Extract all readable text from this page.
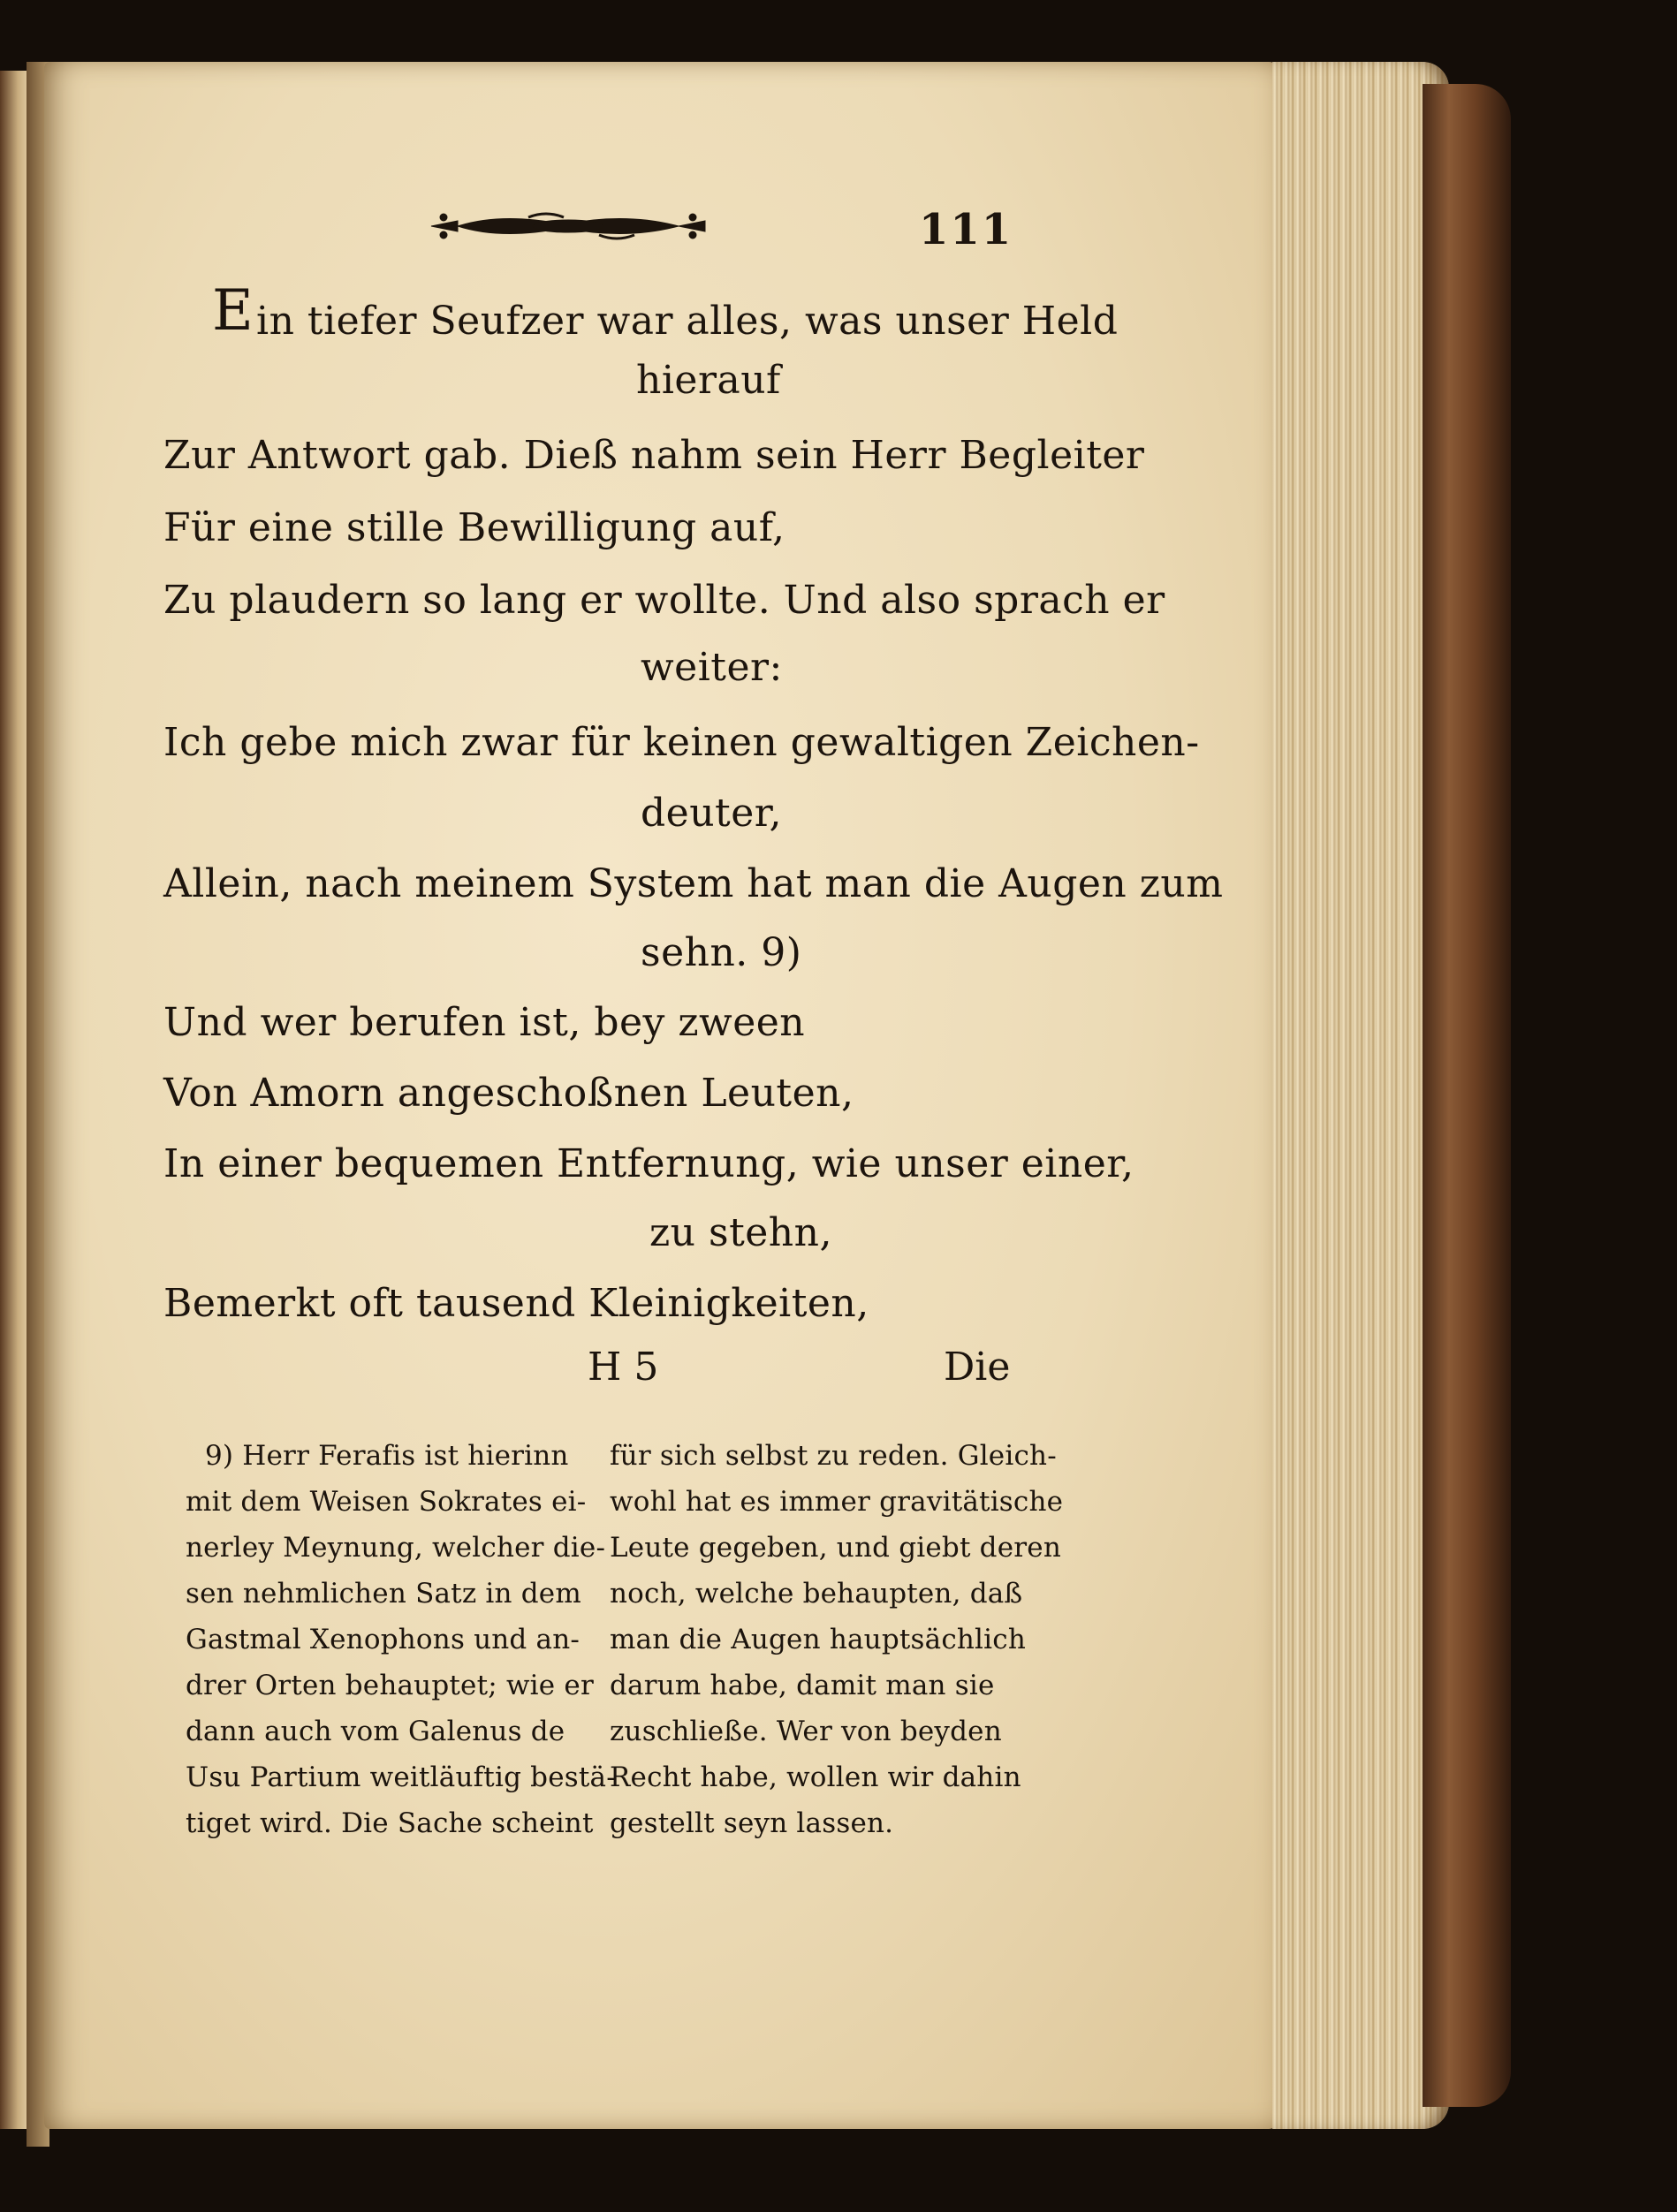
111
E in tiefer Seufzer war alles, was unser Held
hierauf
Zur Antwort gab. Dieß nahm sein Herr Begleiter
Für eine stille Bewilligung auf,
Zu plaudern so lang er wollte. Und also sprach er
weiter:
Ich gebe mich zwar für keinen gewaltigen Zeichen-
deuter,
Allein, nach meinem System hat man die Augen zum
sehn. 9)
Und wer berufen ist, bey zween
Von Amorn angeschoßnen Leuten,
In einer bequemen Entfernung, wie unser einer,
zu stehn,
Bemerkt oft tausend Kleinigkeiten,
H 5	Die
9) Herr Ferafis ist hierinn
mit dem Weisen Sokrates ei-
nerley Meynung, welcher die-
sen nehmlichen Satz in dem
Gastmal Xenophons und an-
drer Orten behauptet; wie er
dann auch vom Galenus de
Usu Partium weitläuftig bestä-
tiget wird. Die Sache scheint
für sich selbst zu reden. Gleich-
wohl hat es immer gravitätische
Leute gegeben, und giebt deren
noch, welche behaupten, daß
man die Augen hauptsächlich
darum habe, damit man sie
zuschließe. Wer von beyden
Recht habe, wollen wir dahin
gestellt seyn lassen.
